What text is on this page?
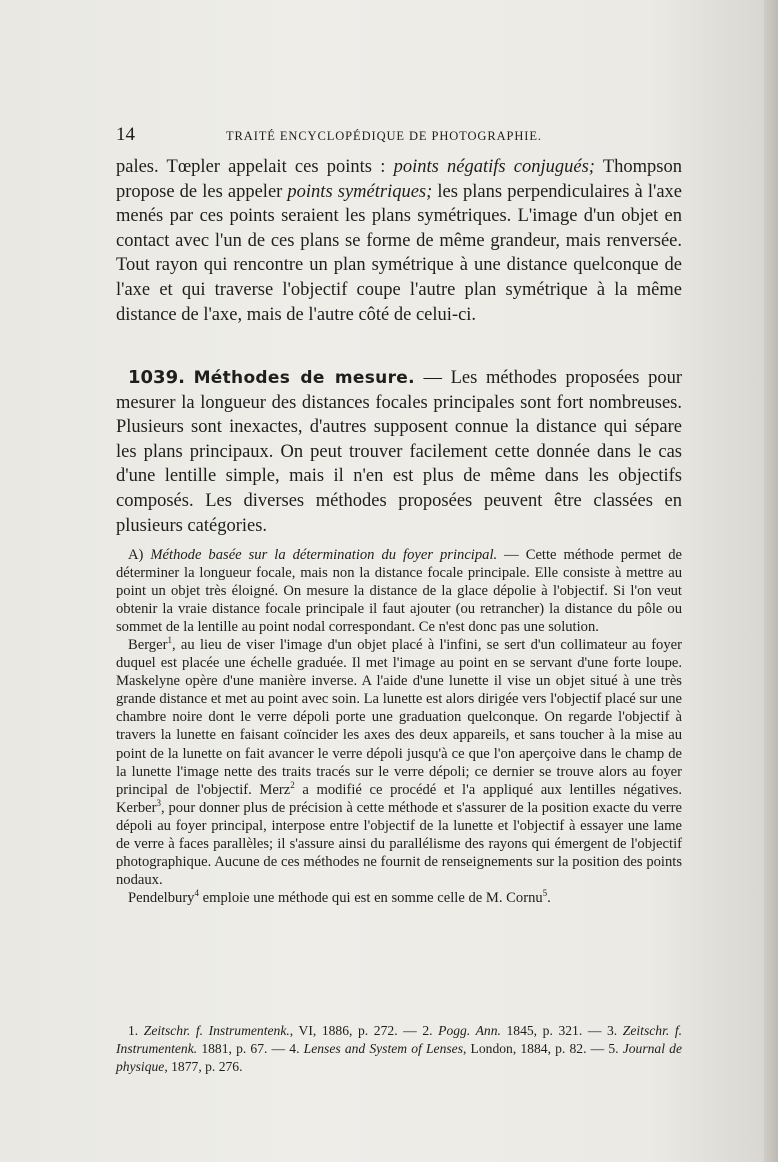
14	TRAITÉ ENCYCLOPÉDIQUE DE PHOTOGRAPHIE.

pales. Tœpler appelait ces points : points négatifs conjugués; Thompson propose de les appeler points symétriques; les plans perpendiculaires à l'axe menés par ces points seraient les plans symétriques. L'image d'un objet en contact avec l'un de ces plans se forme de même grandeur, mais renversée. Tout rayon qui rencontre un plan symétrique à une distance quelconque de l'axe et qui traverse l'objectif coupe l'autre plan symétrique à la même distance de l'axe, mais de l'autre côté de celui-ci.

1039. Méthodes de mesure. — Les méthodes proposées pour mesurer la longueur des distances focales principales sont fort nombreuses. Plusieurs sont inexactes, d'autres supposent connue la distance qui sépare les plans principaux. On peut trouver facilement cette donnée dans le cas d'une lentille simple, mais il n'en est plus de même dans les objectifs composés. Les diverses méthodes proposées peuvent être classées en plusieurs catégories.

A) Méthode basée sur la détermination du foyer principal. — Cette méthode permet de déterminer la longueur focale, mais non la distance focale principale. Elle consiste à mettre au point un objet très éloigné. On mesure la distance de la glace dépolie à l'objectif. Si l'on veut obtenir la vraie distance focale principale il faut ajouter (ou retrancher) la distance du pôle ou sommet de la lentille au point nodal correspondant. Ce n'est donc pas une solution.

Berger$^1$, au lieu de viser l'image d'un objet placé à l'infini, se sert d'un collimateur au foyer duquel est placée une échelle graduée. Il met l'image au point en se servant d'une forte loupe. Maskelyne opère d'une manière inverse. A l'aide d'une lunette il vise un objet situé à une très grande distance et met au point avec soin. La lunette est alors dirigée vers l'objectif placé sur une chambre noire dont le verre dépoli porte une graduation quelconque. On regarde l'objectif à travers la lunette en faisant coïncider les axes des deux appareils, et sans toucher à la mise au point de la lunette on fait avancer le verre dépoli jusqu'à ce que l'on aperçoive dans le champ de la lunette l'image nette des traits tracés sur le verre dépoli; ce dernier se trouve alors au foyer principal de l'objectif. Merz$^2$ a modifié ce procédé et l'a appliqué aux lentilles négatives. Kerber$^3$, pour donner plus de précision à cette méthode et s'assurer de la position exacte du verre dépoli au foyer principal, interpose entre l'objectif de la lunette et l'objectif à essayer une lame de verre à faces parallèles; il s'assure ainsi du parallélisme des rayons qui émergent de l'objectif photographique. Aucune de ces méthodes ne fournit de renseignements sur la position des points nodaux.

Pendelbury$^4$ emploie une méthode qui est en somme celle de M. Cornu$^5$.

1. Zeitschr. f. Instrumentenk., VI, 1886, p. 272. — 2. Pogg. Ann. 1845, p. 321. — 3. Zeitschr. f. Instrumentenk. 1881, p. 67. — 4. Lenses and System of Lenses, London, 1884, p. 82. — 5. Journal de physique, 1877, p. 276.
